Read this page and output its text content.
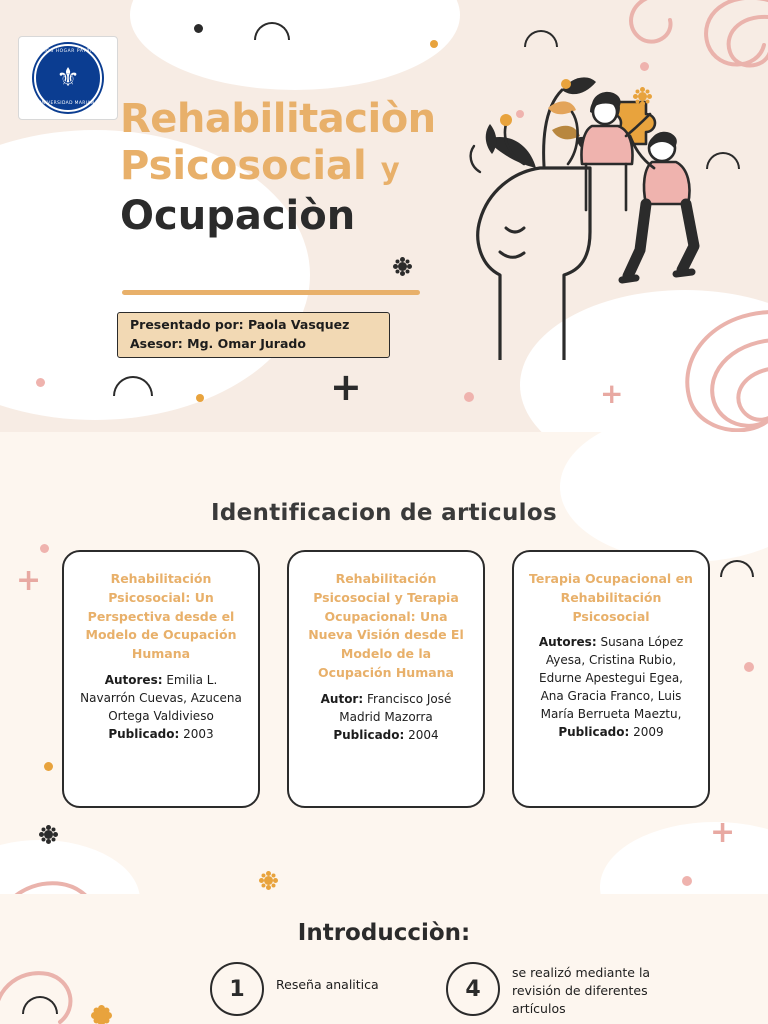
DIOS HOGAR PATRIA
⚜
UNIVERSIDAD MARIANA Rehabilitaciòn
Psicosocial y
Ocupaciòn
Presentado por: Paola Vasquez
Asesor: Mg. Omar Jurado
+	+
+
+
Identificacion de articulos
Rehabilitación Psicosocial: Un Perspectiva desde el Modelo de Ocupación Humana
Autores: Emilia L. Navarrón Cuevas, Azucena Ortega Valdivieso
Publicado: 2003
Rehabilitación Psicosocial y Terapia Ocupacional: Una Nueva Visión desde El Modelo de la Ocupación Humana
Autor: Francisco José Madrid Mazorra
Publicado: 2004
Terapia Ocupacional en Rehabilitación Psicosocial
Autores: Susana López Ayesa, Cristina Rubio, Edurne Apestegui Egea, Ana Gracia Franco, Luis María Berrueta Maeztu,
Publicado: 2009
Introducciòn:
1	Reseña analitica	4
se realizó mediante la revisión de diferentes artículos
